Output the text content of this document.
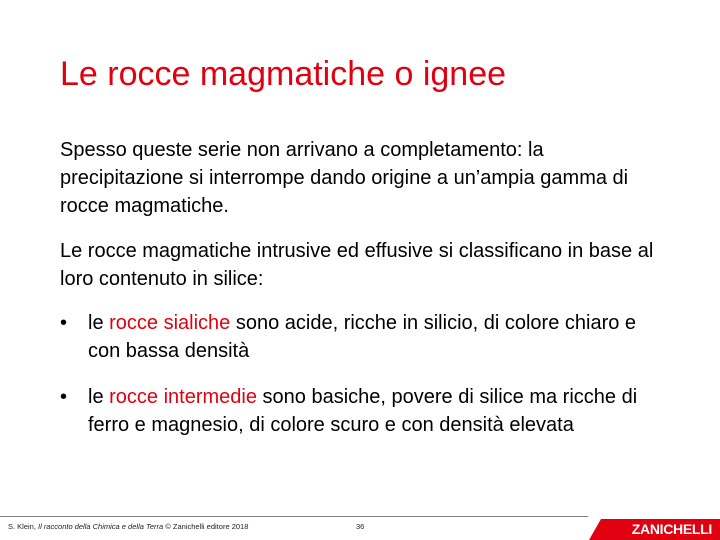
Le rocce magmatiche o ignee
Spesso queste serie non arrivano a completamento: la precipitazione si interrompe dando origine a un’ampia gamma di rocce magmatiche.
Le rocce magmatiche intrusive ed effusive si classificano in base al loro contenuto in silice:
•	le rocce sialiche sono acide, ricche in silicio, di colore chiaro e con bassa densità
•	le rocce intermedie sono basiche, povere di silice ma ricche di ferro e magnesio, di colore scuro e con densità elevata
S. Klein, Il racconto della Chimica e della Terra © Zanichelli editore 2018	36	ZANICHELLI
